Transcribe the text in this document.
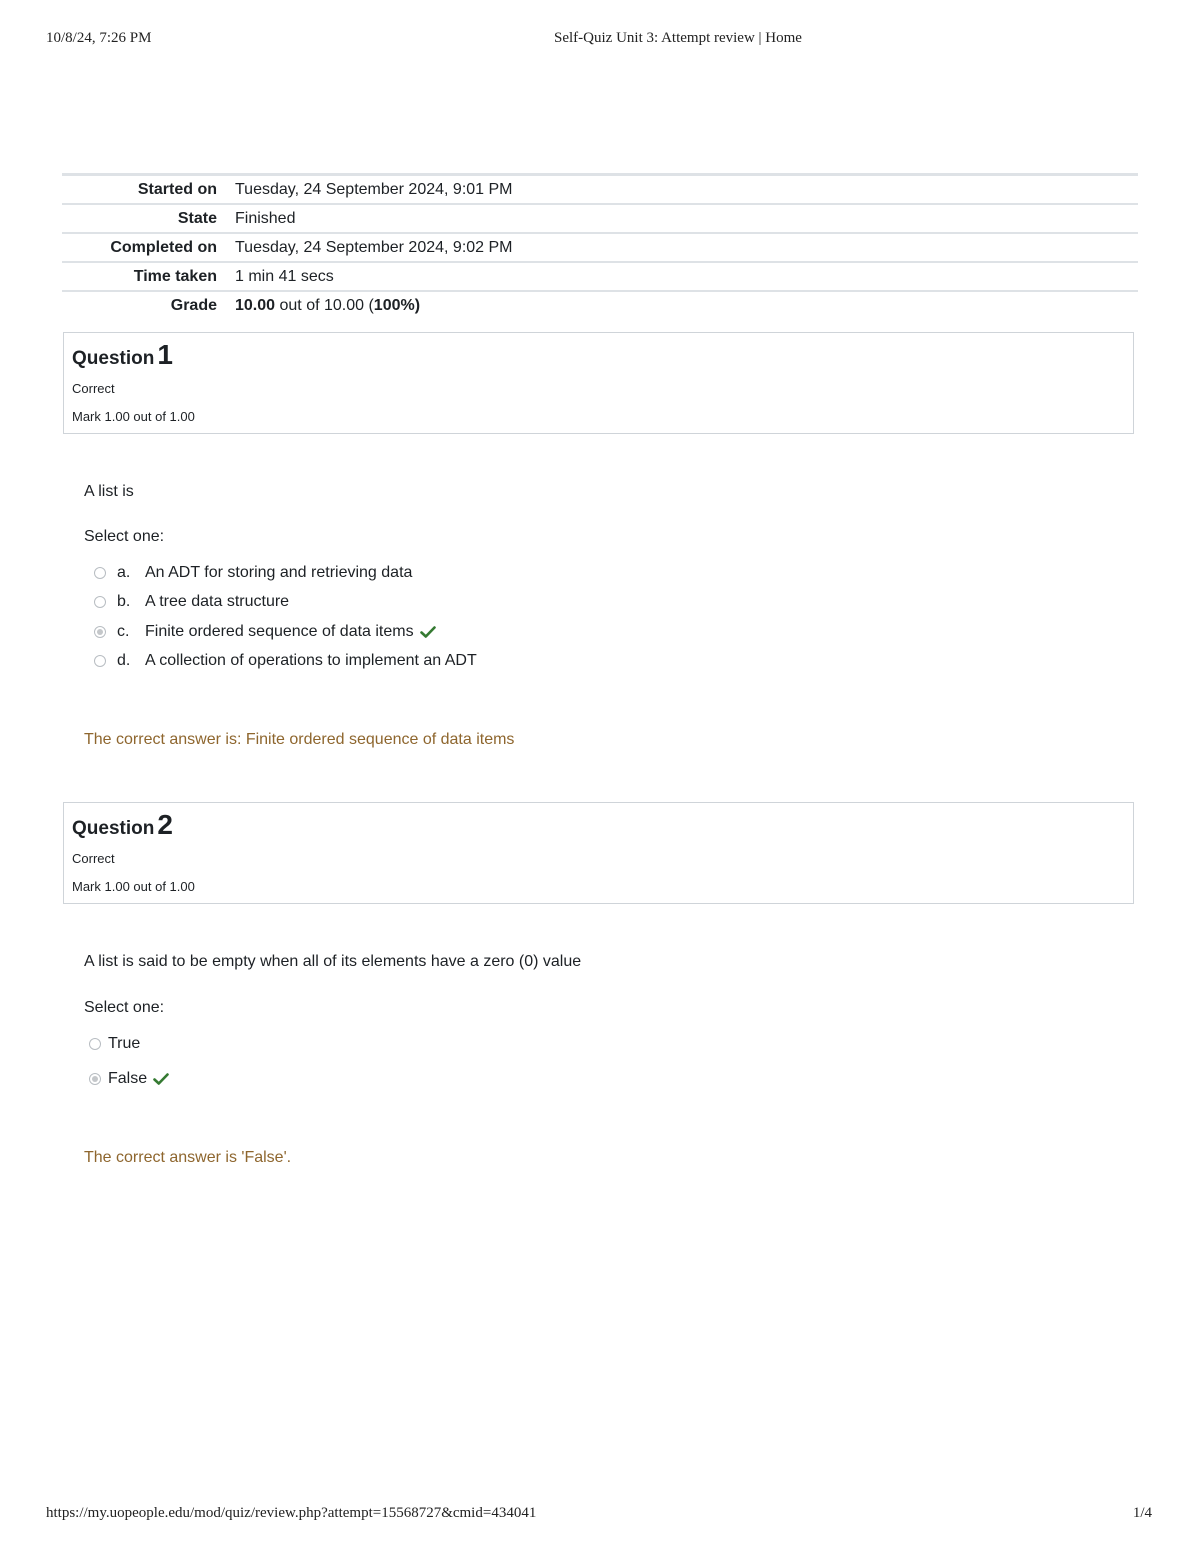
10/8/24, 7:26 PM	Self-Quiz Unit 3: Attempt review | Home
Started on	Tuesday, 24 September 2024, 9:01 PM
State	Finished
Completed on	Tuesday, 24 September 2024, 9:02 PM
Time taken	1 min 41 secs
Grade	10.00 out of 10.00 (100%)
Question 1
Correct
Mark 1.00 out of 1.00
A list is
Select one:
a. An ADT for storing and retrieving data
b. A tree data structure
c. Finite ordered sequence of data items
d. A collection of operations to implement an ADT
The correct answer is: Finite ordered sequence of data items
Question 2
Correct
Mark 1.00 out of 1.00
A list is said to be empty when all of its elements have a zero (0) value
Select one:
True
False
The correct answer is 'False'.
https://my.uopeople.edu/mod/quiz/review.php?attempt=15568727&cmid=434041	1/4
